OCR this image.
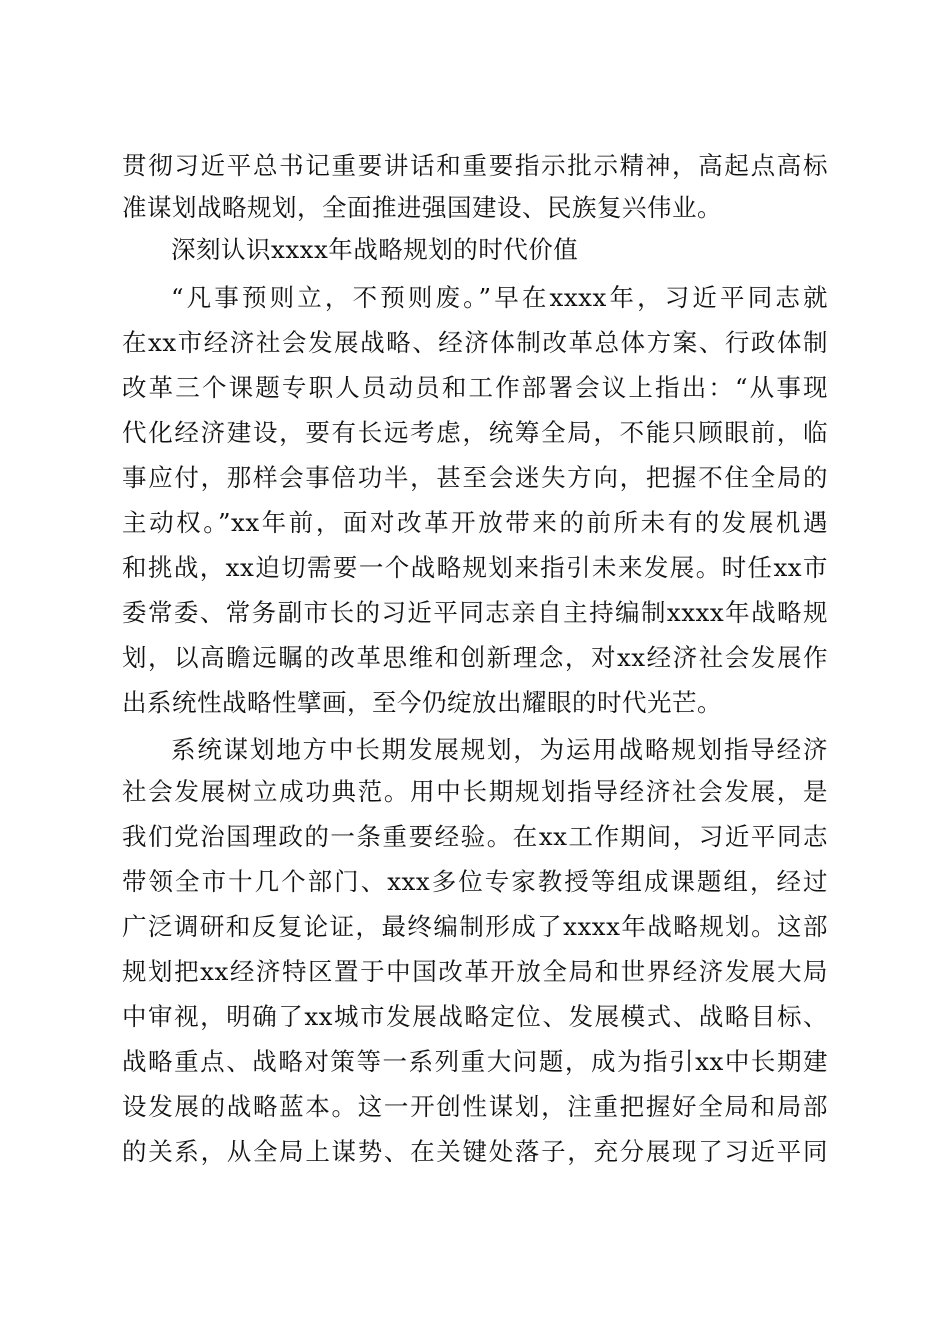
贯彻习近平总书记重要讲话和重要指示批示精神，高起点高标
准谋划战略规划，全面推进强国建设、民族复兴伟业。
深刻认识xxxx年战略规划的时代价值
“凡事预则立，不预则废。”早在xxxx年，习近平同志就
在xx市经济社会发展战略、经济体制改革总体方案、行政体制
改革三个课题专职人员动员和工作部署会议上指出：“从事现
代化经济建设，要有长远考虑，统筹全局，不能只顾眼前，临
事应付，那样会事倍功半，甚至会迷失方向，把握不住全局的
主动权。”xx年前，面对改革开放带来的前所未有的发展机遇
和挑战，xx迫切需要一个战略规划来指引未来发展。时任xx市
委常委、常务副市长的习近平同志亲自主持编制xxxx年战略规
划，以高瞻远瞩的改革思维和创新理念，对xx经济社会发展作
出系统性战略性擘画，至今仍绽放出耀眼的时代光芒。
系统谋划地方中长期发展规划，为运用战略规划指导经济
社会发展树立成功典范。用中长期规划指导经济社会发展，是
我们党治国理政的一条重要经验。在xx工作期间，习近平同志
带领全市十几个部门、xxx多位专家教授等组成课题组，经过
广泛调研和反复论证，最终编制形成了xxxx年战略规划。这部
规划把xx经济特区置于中国改革开放全局和世界经济发展大局
中审视，明确了xx城市发展战略定位、发展模式、战略目标、
战略重点、战略对策等一系列重大问题，成为指引xx中长期建
设发展的战略蓝本。这一开创性谋划，注重把握好全局和局部
的关系，从全局上谋势、在关键处落子，充分展现了习近平同
